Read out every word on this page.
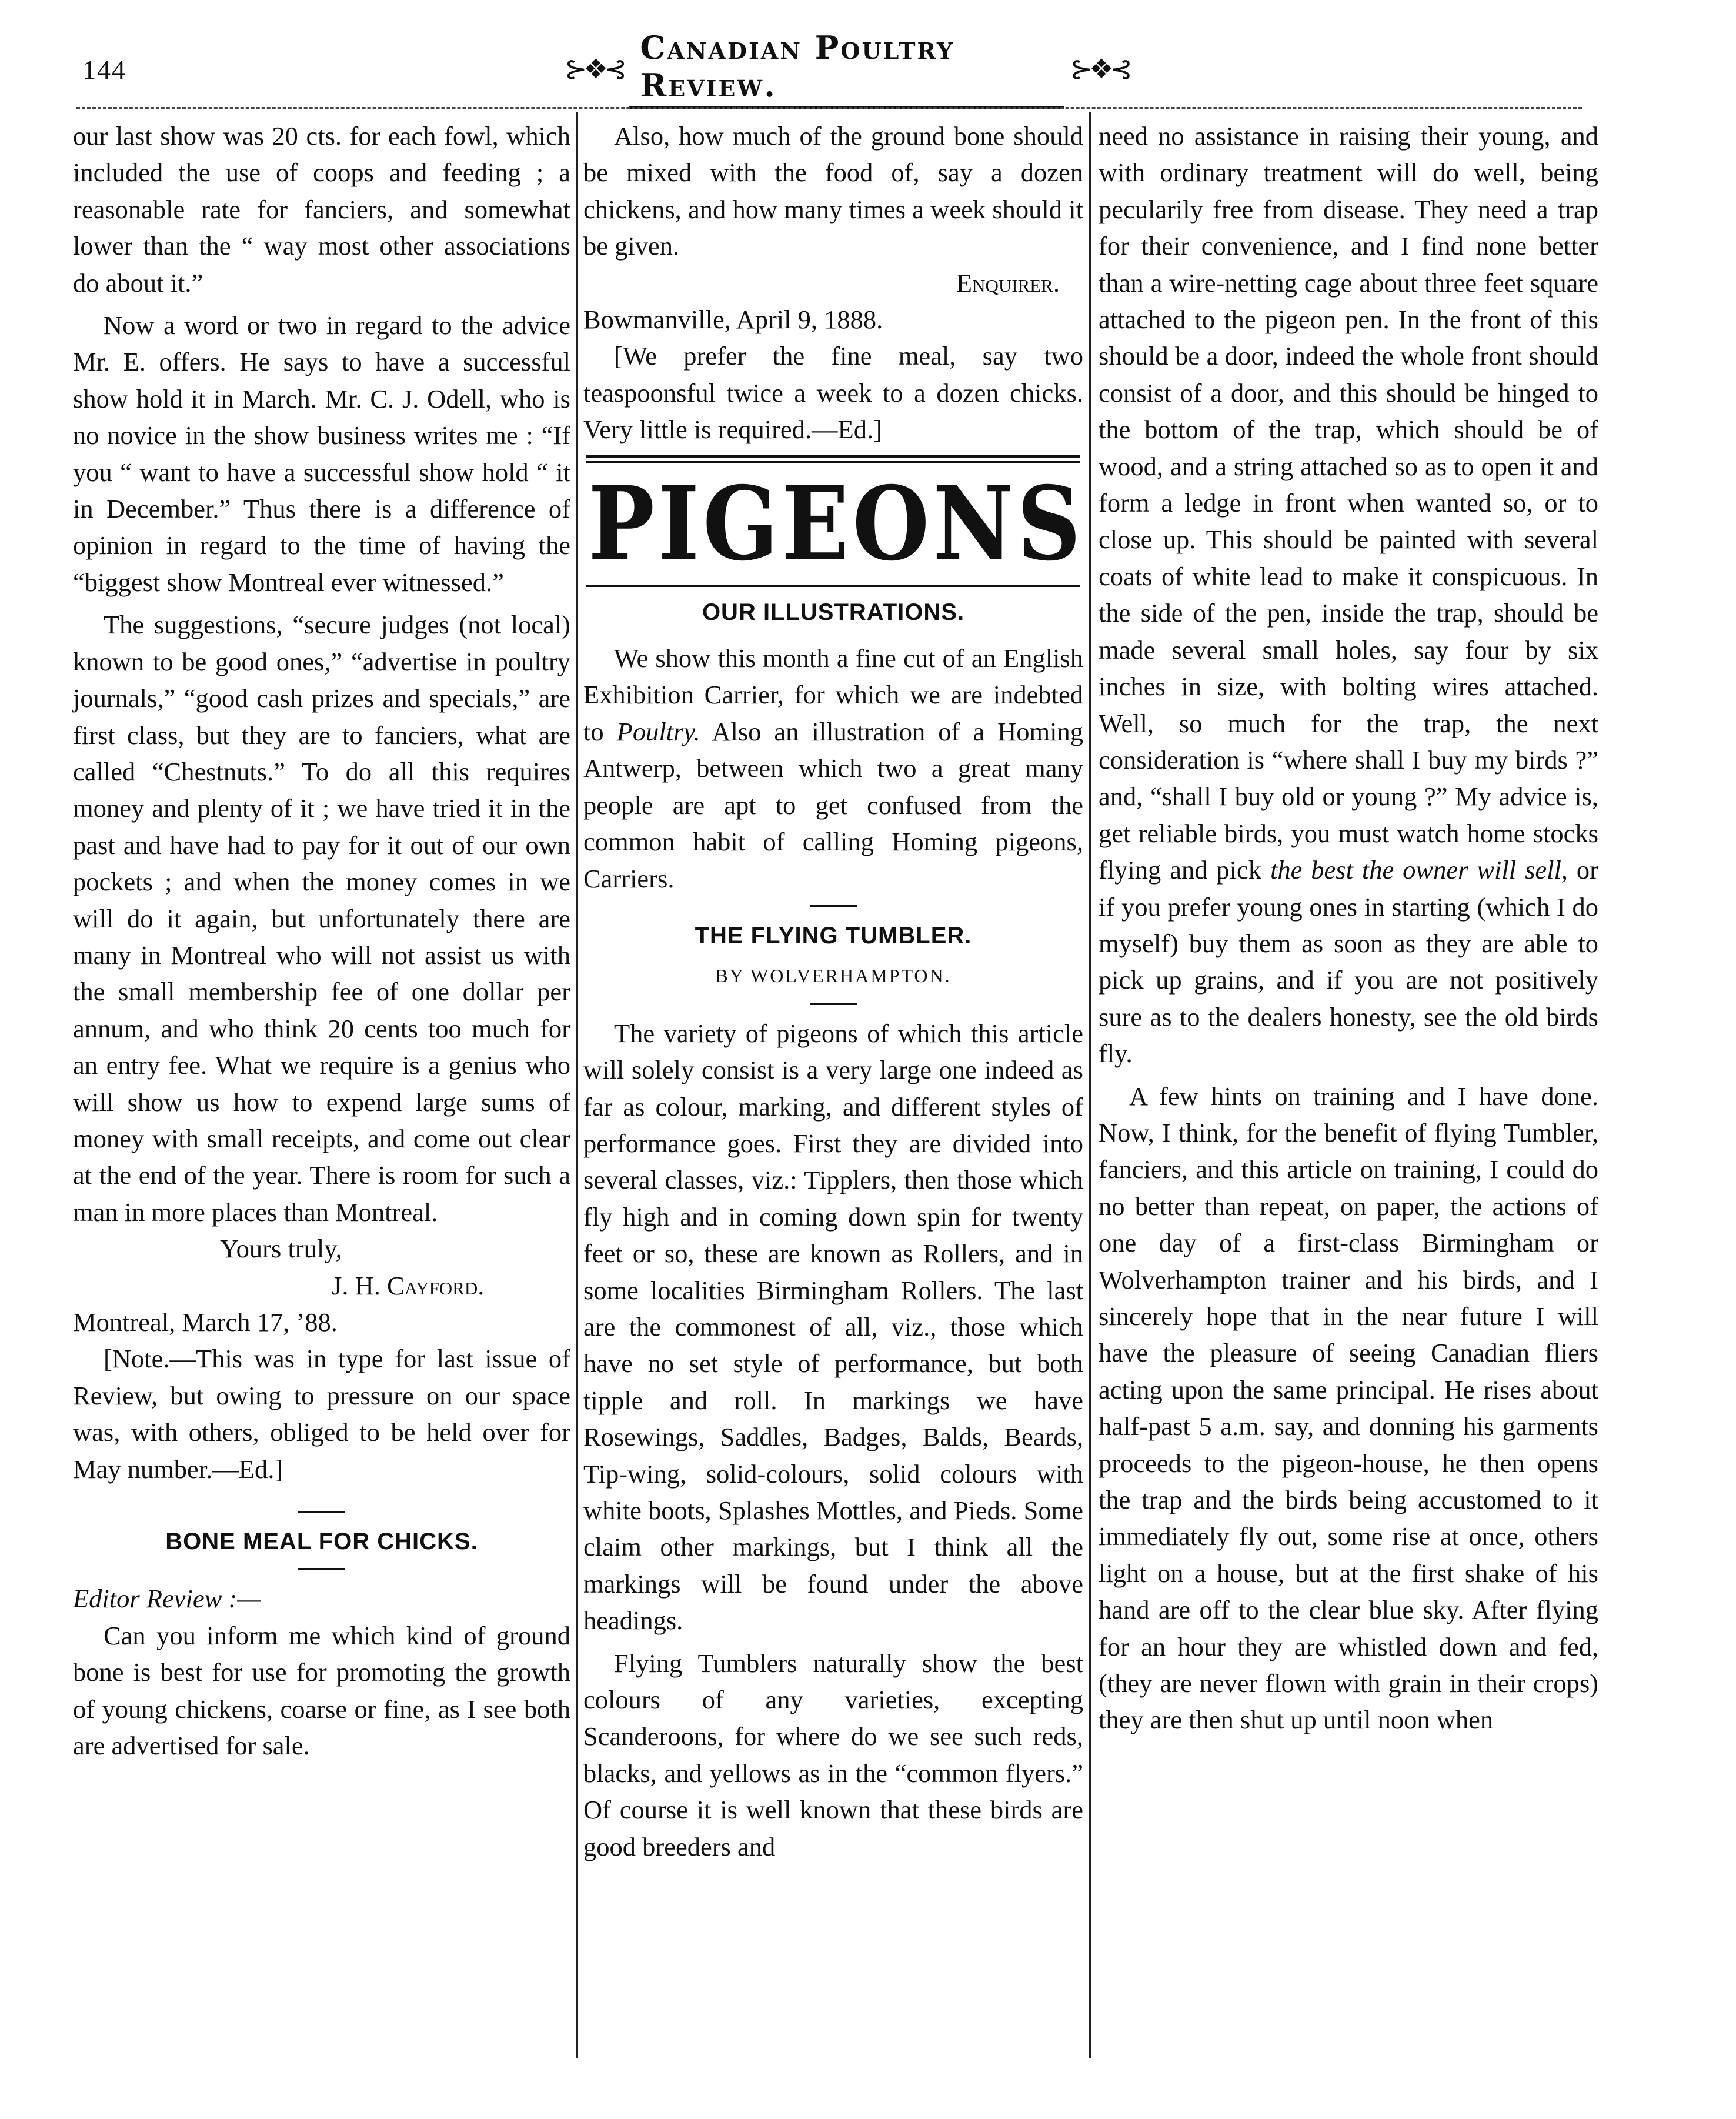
144	⊱❖⊰
Canadian Poultry Review.	⊱❖⊰

our last show was 20 cts. for each fowl, which included the use of coops and feeding ; a reasonable rate for fanciers, and somewhat lower than the “ way most other associations do about it.”

Now a word or two in regard to the advice Mr. E. offers. He says to have a successful show hold it in March. Mr. C. J. Odell, who is no novice in the show business writes me : “If you “ want to have a successful show hold “ it in December.” Thus there is a difference of opinion in regard to the time of having the “biggest show Montreal ever witnessed.”

The suggestions, “secure judges (not local) known to be good ones,” “advertise in poultry journals,” “good cash prizes and specials,” are first class, but they are to fanciers, what are called “Chestnuts.” To do all this requires money and plenty of it ; we have tried it in the past and have had to pay for it out of our own pockets ; and when the money comes in we will do it again, but unfortunately there are many in Montreal who will not assist us with the small membership fee of one dollar per annum, and who think 20 cents too much for an entry fee. What we require is a genius who will show us how to expend large sums of money with small receipts, and come out clear at the end of the year. There is room for such a man in more places than Montreal.

Yours truly,

J. H. Cayford.

Montreal, March 17, ’88.

[Note.—This was in type for last issue of Review, but owing to pressure on our space was, with others, obliged to be held over for May number.—Ed.]

BONE MEAL FOR CHICKS.

Editor Review :—

Can you inform me which kind of ground bone is best for use for promoting the growth of young chickens, coarse or fine, as I see both are advertised for sale.

Also, how much of the ground bone should be mixed with the food of, say a dozen chickens, and how many times a week should it be given.

Enquirer.

Bowmanville, April 9, 1888.

[We prefer the fine meal, say two teaspoonsful twice a week to a dozen chicks. Very little is required.—Ed.]

PIGEONS

OUR ILLUSTRATIONS.

We show this month a fine cut of an English Exhibition Carrier, for which we are indebted to Poultry. Also an illustration of a Homing Antwerp, between which two a great many people are apt to get confused from the common habit of calling Homing pigeons, Carriers.

THE FLYING TUMBLER.

BY WOLVERHAMPTON.

The variety of pigeons of which this article will solely consist is a very large one indeed as far as colour, marking, and different styles of performance goes. First they are divided into several classes, viz.: Tipplers, then those which fly high and in coming down spin for twenty feet or so, these are known as Rollers, and in some localities Birmingham Rollers. The last are the commonest of all, viz., those which have no set style of performance, but both tipple and roll. In markings we have Rosewings, Saddles, Badges, Balds, Beards, Tip-wing, solid-colours, solid colours with white boots, Splashes Mottles, and Pieds. Some claim other markings, but I think all the markings will be found under the above headings.

Flying Tumblers naturally show the best colours of any varieties, excepting Scanderoons, for where do we see such reds, blacks, and yellows as in the “common flyers.” Of course it is well known that these birds are good breeders and

need no assistance in raising their young, and with ordinary treatment will do well, being pecularily free from disease. They need a trap for their convenience, and I find none better than a wire-netting cage about three feet square attached to the pigeon pen. In the front of this should be a door, indeed the whole front should consist of a door, and this should be hinged to the bottom of the trap, which should be of wood, and a string attached so as to open it and form a ledge in front when wanted so, or to close up. This should be painted with several coats of white lead to make it conspicuous. In the side of the pen, inside the trap, should be made several small holes, say four by six inches in size, with bolting wires attached. Well, so much for the trap, the next consideration is “where shall I buy my birds ?” and, “shall I buy old or young ?” My advice is, get reliable birds, you must watch home stocks flying and pick the best the owner will sell, or if you prefer young ones in starting (which I do myself) buy them as soon as they are able to pick up grains, and if you are not positively sure as to the dealers honesty, see the old birds fly.

A few hints on training and I have done. Now, I think, for the benefit of flying Tumbler, fanciers, and this article on training, I could do no better than repeat, on paper, the actions of one day of a first-class Birmingham or Wolverhampton trainer and his birds, and I sincerely hope that in the near future I will have the pleasure of seeing Canadian fliers acting upon the same principal. He rises about half-past 5 a.m. say, and donning his garments proceeds to the pigeon-house, he then opens the trap and the birds being accustomed to it immediately fly out, some rise at once, others light on a house, but at the first shake of his hand are off to the clear blue sky. After flying for an hour they are whistled down and fed, (they are never flown with grain in their crops) they are then shut up until noon when
